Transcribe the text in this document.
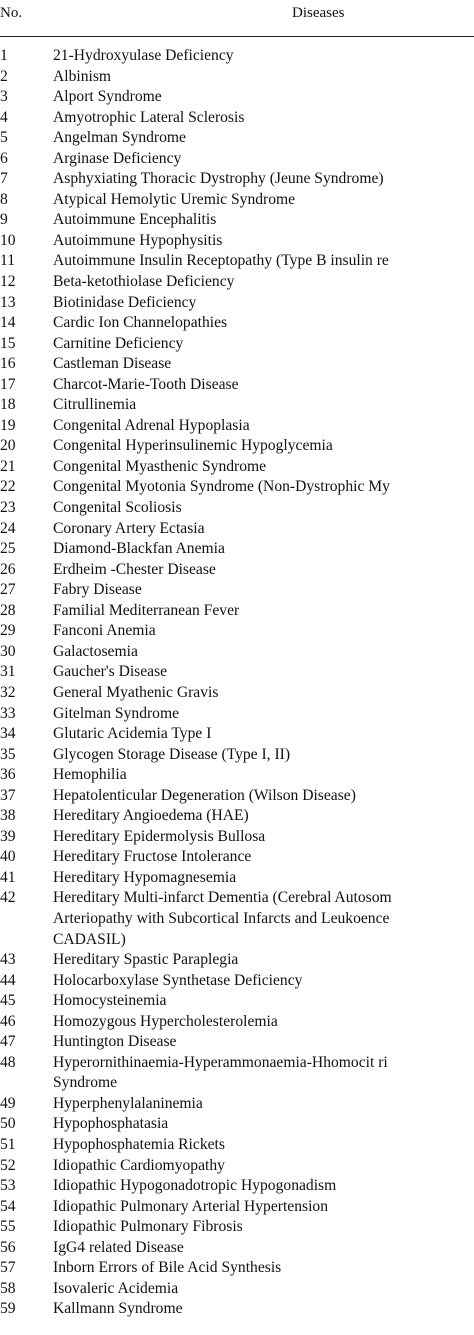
No.	Diseases
1	21-Hydroxyulase Deficiency
2	Albinism
3	Alport Syndrome
4	Amyotrophic Lateral Sclerosis
5	Angelman Syndrome
6	Arginase Deficiency
7	Asphyxiating Thoracic Dystrophy (Jeune Syndrome)
8	Atypical Hemolytic Uremic Syndrome
9	Autoimmune Encephalitis
10	Autoimmune Hypophysitis
11	Autoimmune Insulin Receptopathy (Type B insulin re
12	Beta-ketothiolase Deficiency
13	Biotinidase Deficiency
14	Cardic Ion Channelopathies
15	Carnitine Deficiency
16	Castleman Disease
17	Charcot-Marie-Tooth Disease
18	Citrullinemia
19	Congenital Adrenal Hypoplasia
20	Congenital Hyperinsulinemic Hypoglycemia
21	Congenital Myasthenic Syndrome
22	Congenital Myotonia Syndrome (Non-Dystrophic My
23	Congenital Scoliosis
24	Coronary Artery Ectasia
25	Diamond-Blackfan Anemia
26	Erdheim -Chester Disease
27	Fabry Disease
28	Familial Mediterranean Fever
29	Fanconi Anemia
30	Galactosemia
31	Gaucher's Disease
32	General Myathenic Gravis
33	Gitelman Syndrome
34	Glutaric Acidemia Type I
35	Glycogen Storage Disease (Type I, II)
36	Hemophilia
37	Hepatolenticular Degeneration (Wilson Disease)
38	Hereditary Angioedema (HAE)
39	Hereditary Epidermolysis Bullosa
40	Hereditary Fructose Intolerance
41	Hereditary Hypomagnesemia
42	Hereditary Multi-infarct Dementia (Cerebral Autosom
Arteriopathy with Subcortical Infarcts and Leukoence
CADASIL)
43	Hereditary Spastic Paraplegia
44	Holocarboxylase Synthetase Deficiency
45	Homocysteinemia
46	Homozygous Hypercholesterolemia
47	Huntington Disease
48	Hyperornithinaemia-Hyperammonaemia-Hhomocit ri
Syndrome
49	Hyperphenylalaninemia
50	Hypophosphatasia
51	Hypophosphatemia Rickets
52	Idiopathic Cardiomyopathy
53	Idiopathic Hypogonadotropic Hypogonadism
54	Idiopathic Pulmonary Arterial Hypertension
55	Idiopathic Pulmonary Fibrosis
56	IgG4 related Disease
57	Inborn Errors of Bile Acid Synthesis
58	Isovaleric Acidemia
59	Kallmann Syndrome
